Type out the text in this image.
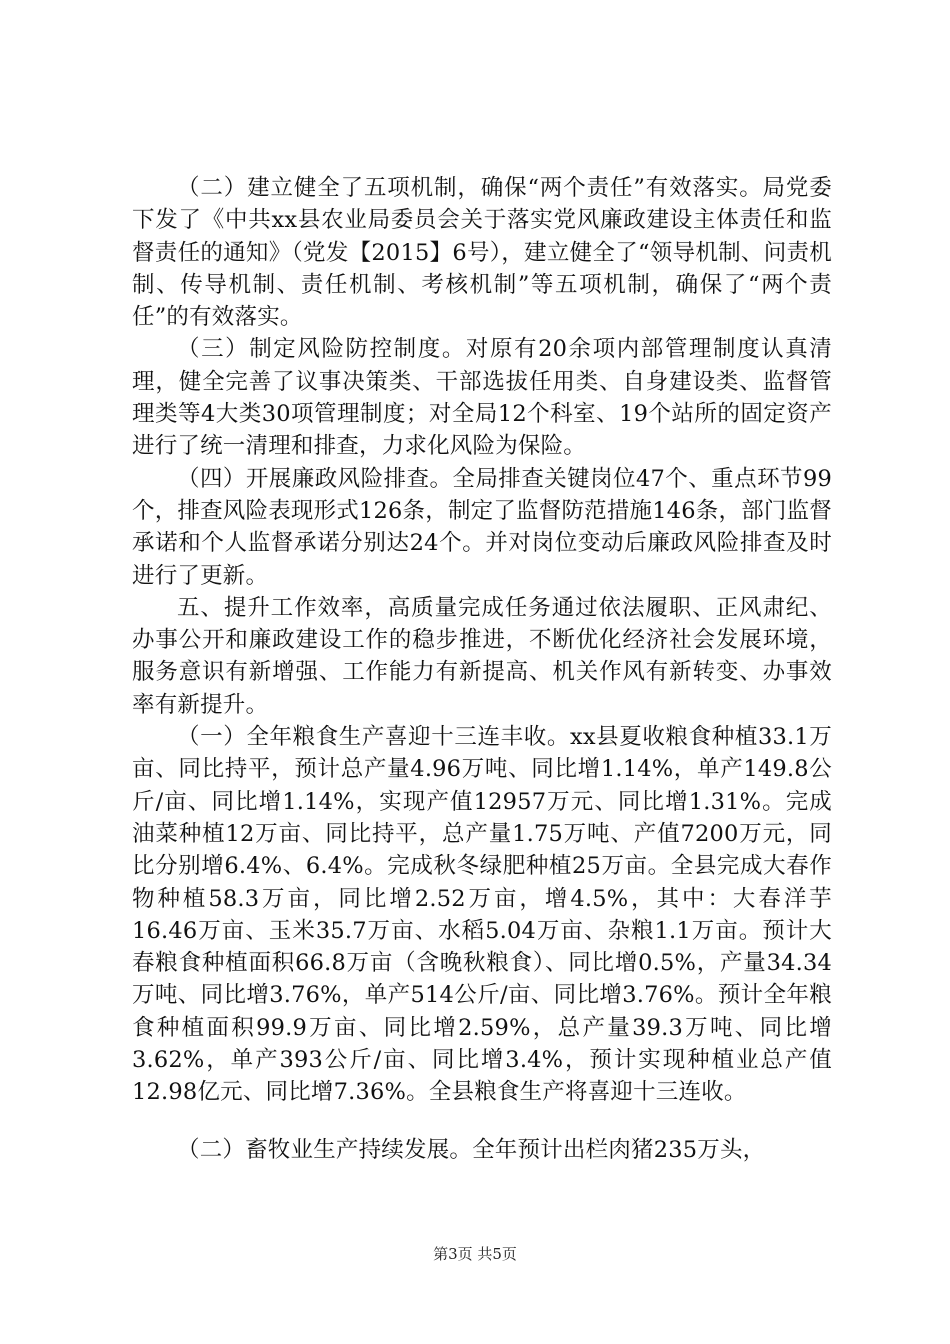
（二）建立健全了五项机制，确保“两个责任”有效落实。局党委下发了《中共xx县农业局委员会关于落实党风廉政建设主体责任和监督责任的通知》（党发【2015】6号），建立健全了“领导机制、问责机制、传导机制、责任机制、考核机制”等五项机制，确保了“两个责任”的有效落实。

（三）制定风险防控制度。对原有20余项内部管理制度认真清理，健全完善了议事决策类、干部选拔任用类、自身建设类、监督管理类等4大类30项管理制度；对全局12个科室、19个站所的固定资产进行了统一清理和排查，力求化风险为保险。

（四）开展廉政风险排查。全局排查关键岗位47个、重点环节99个，排查风险表现形式126条，制定了监督防范措施146条，部门监督承诺和个人监督承诺分别达24个。并对岗位变动后廉政风险排查及时进行了更新。

五、提升工作效率，高质量完成任务通过依法履职、正风肃纪、办事公开和廉政建设工作的稳步推进，不断优化经济社会发展环境，服务意识有新增强、工作能力有新提高、机关作风有新转变、办事效率有新提升。

（一）全年粮食生产喜迎十三连丰收。xx县夏收粮食种植33.1万亩、同比持平，预计总产量4.96万吨、同比增1.14%，单产149.8公斤/亩、同比增1.14%，实现产值12957万元、同比增1.31%。完成油菜种植12万亩、同比持平，总产量1.75万吨、产值7200万元，同比分别增6.4%、6.4%。完成秋冬绿肥种植25万亩。全县完成大春作物种植58.3万亩，同比增2.52万亩，增4.5%，其中：大春洋芋16.46万亩、玉米35.7万亩、水稻5.04万亩、杂粮1.1万亩。预计大春粮食种植面积66.8万亩（含晚秋粮食）、同比增0.5%，产量34.34万吨、同比增3.76%，单产514公斤/亩、同比增3.76%。预计全年粮食种植面积99.9万亩、同比增2.59%，总产量39.3万吨、同比增3.62%，单产393公斤/亩、同比增3.4%，预计实现种植业总产值12.98亿元、同比增7.36%。全县粮食生产将喜迎十三连收。

（二）畜牧业生产持续发展。全年预计出栏肉猪235万头，

第3页 共5页
